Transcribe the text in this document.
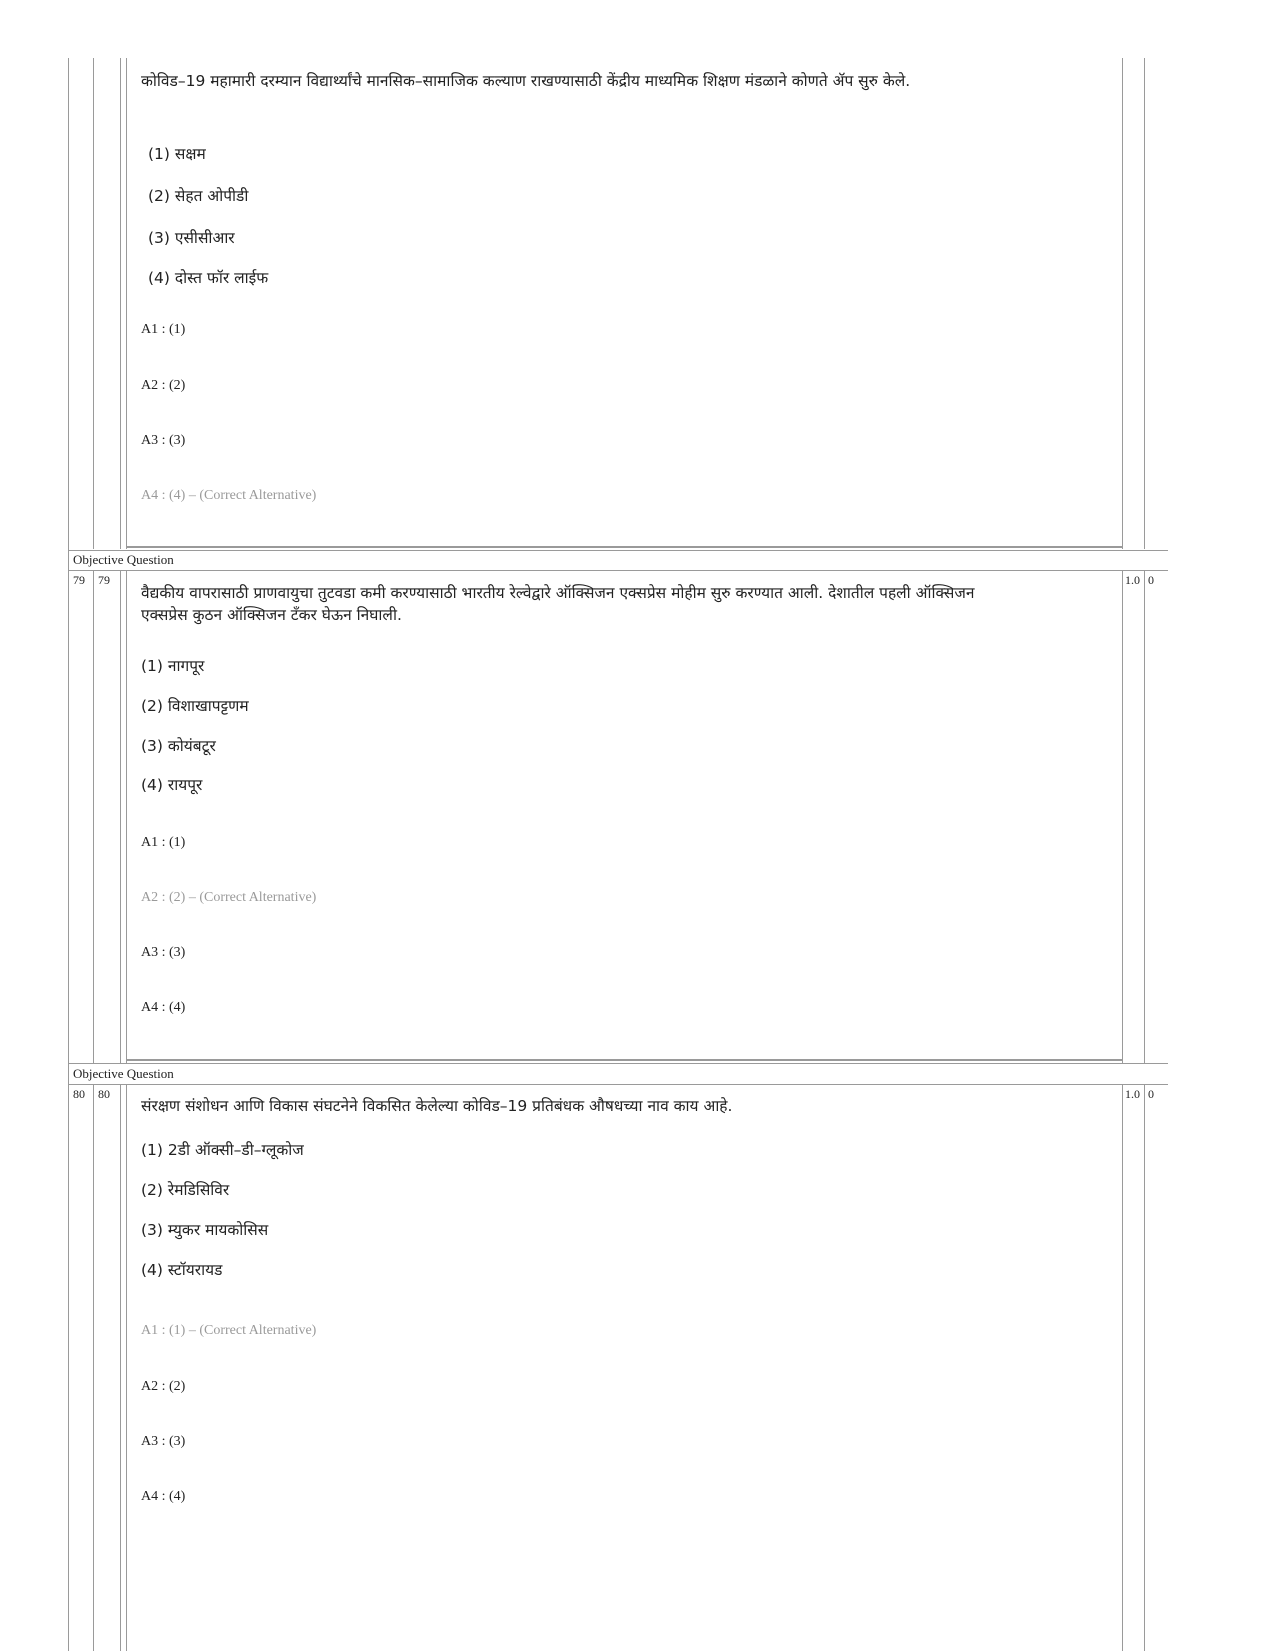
कोविड–19 महामारी दरम्यान विद्यार्थ्यांचे मानसिक–सामाजिक कल्याण राखण्यासाठी केंद्रीय माध्यमिक शिक्षण मंडळाने कोणते ॲप सुरु केले.
(1) सक्षम
(2) सेहत ओपीडी
(3) एसीसीआर
(4) दोस्त फॉर लाईफ
A1 : (1)
A2 : (2)
A3 : (3)
A4 : (4) – (Correct Alternative)
Objective Question
79 79	1.0 0
वैद्यकीय वापरासाठी प्राणवायुचा तुटवडा कमी करण्यासाठी भारतीय रेल्वेद्वारे ऑक्सिजन एक्सप्रेस मोहीम सुरु करण्यात आली. देशातील पहली ऑक्सिजन एक्सप्रेस कुठन ऑक्सिजन टँकर घेऊन निघाली.
(1) नागपूर
(2) विशाखापट्टणम
(3) कोयंबटूर
(4) रायपूर
A1 : (1)
A2 : (2) – (Correct Alternative)
A3 : (3)
A4 : (4)
Objective Question
80 80	1.0 0
संरक्षण संशोधन आणि विकास संघटनेने विकसित केलेल्या कोविड–19 प्रतिबंधक औषधच्या नाव काय आहे.
(1) 2डी ऑक्सी–डी–ग्लूकोज
(2) रेमडिसिविर
(3) म्युकर मायकोसिस
(4) स्टॉयरायड
A1 : (1) – (Correct Alternative)
A2 : (2)
A3 : (3)
A4 : (4)
